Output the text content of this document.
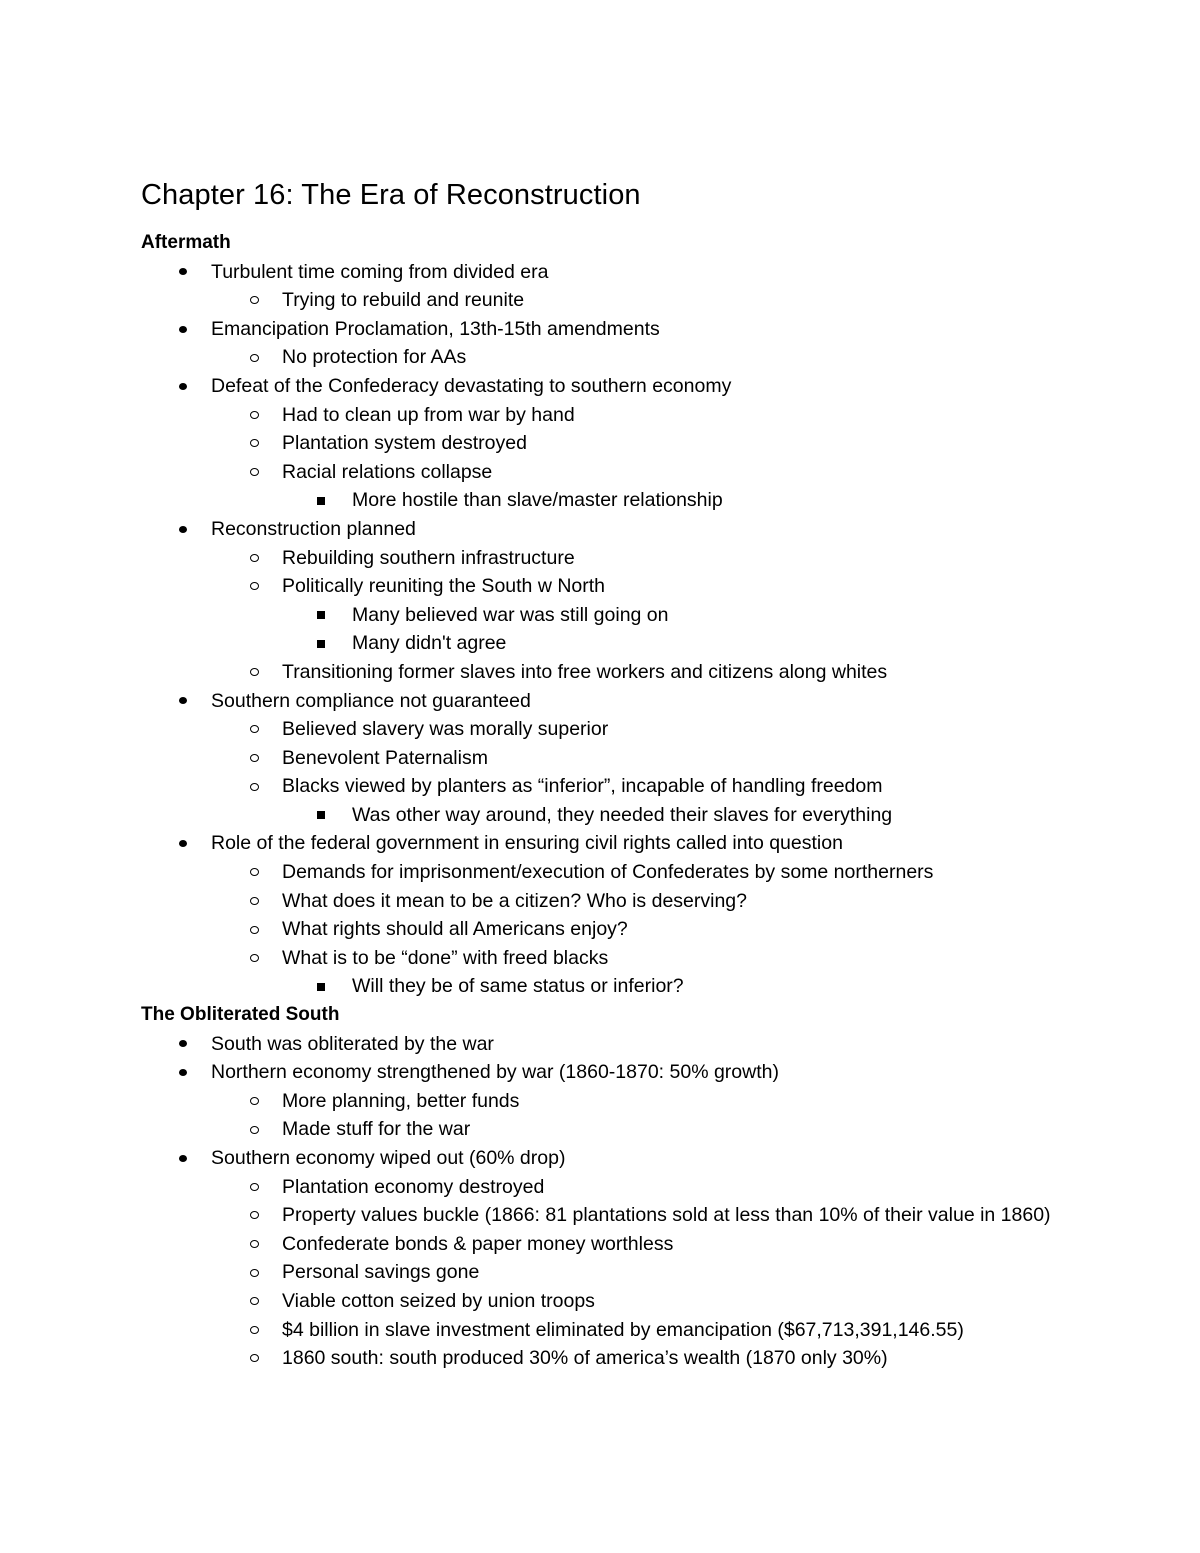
Chapter 16: The Era of Reconstruction
Aftermath
Turbulent time coming from divided era
Trying to rebuild and reunite
Emancipation Proclamation, 13th-15th amendments
No protection for AAs
Defeat of the Confederacy devastating to southern economy
Had to clean up from war by hand
Plantation system destroyed
Racial relations collapse
More hostile than slave/master relationship
Reconstruction planned
Rebuilding southern infrastructure
Politically reuniting the South w North
Many believed war was still going on
Many didn't agree
Transitioning former slaves into free workers and citizens along whites
Southern compliance not guaranteed
Believed slavery was morally superior
Benevolent Paternalism
Blacks viewed by planters as “inferior”, incapable of handling freedom
Was other way around, they needed their slaves for everything
Role of the federal government in ensuring civil rights called into question
Demands for imprisonment/execution of Confederates by some northerners
What does it mean to be a citizen? Who is deserving?
What rights should all Americans enjoy?
What is to be “done” with freed blacks
Will they be of same status or inferior?
The Obliterated South
South was obliterated by the war
Northern economy strengthened by war (1860-1870: 50% growth)
More planning, better funds
Made stuff for the war
Southern economy wiped out (60% drop)
Plantation economy destroyed
Property values buckle (1866: 81 plantations sold at less than 10% of their value in 1860)
Confederate bonds & paper money worthless
Personal savings gone
Viable cotton seized by union troops
$4 billion in slave investment eliminated by emancipation ($67,713,391,146.55)
1860 south: south produced 30% of america’s wealth (1870 only 30%)
